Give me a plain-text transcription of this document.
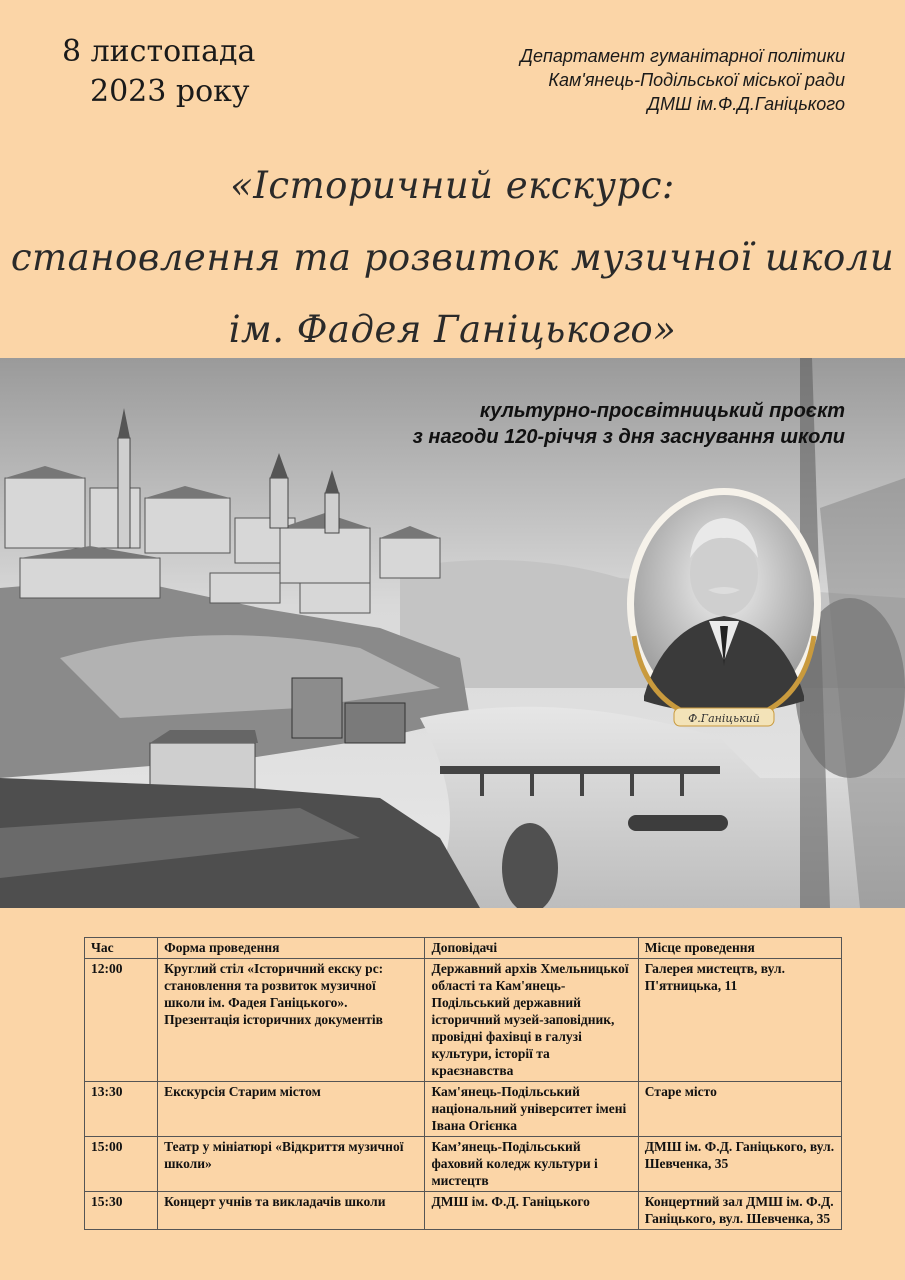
8 листопада
2023 року
Департамент гуманітарної політики
Кам'янець-Подільської міської ради
ДМШ ім.Ф.Д.Ганіцького
«Історичний екскурс:
становлення та розвиток музичної школи
ім. Фадея Ганіцького»
культурно-просвітницький проєкт
з нагоди 120-річчя з дня заснування школи
Ф.Ганіцький
Час	Форма проведення	Доповідачі	Місце проведення
12:00	Круглий стіл «Історичний екску рс: становлення та розвиток музичної школи ім. Фадея Ганіцького». Презентація історичних документів	Державний архів Хмельницької області та Кам'янець-Подільський державний історичний музей-заповідник, провідні фахівці в галузі культури, історії та краєзнавства	Галерея мистецтв, вул. П'ятницька, 11
13:30	Екскурсія Старим містом	Кам'янець-Подільський національний університет імені Івана Огієнка	Старе місто
15:00	Театр у мініатюрі «Відкриття музичної школи»	Кам’янець-Подільський фаховий коледж культури і мистецтв	ДМШ ім. Ф.Д. Ганіцького, вул. Шевченка, 35
15:30	Концерт учнів та викладачів школи	ДМШ ім. Ф.Д. Ганіцького	Концертний зал ДМШ ім. Ф.Д. Ганіцького, вул. Шевченка, 35
